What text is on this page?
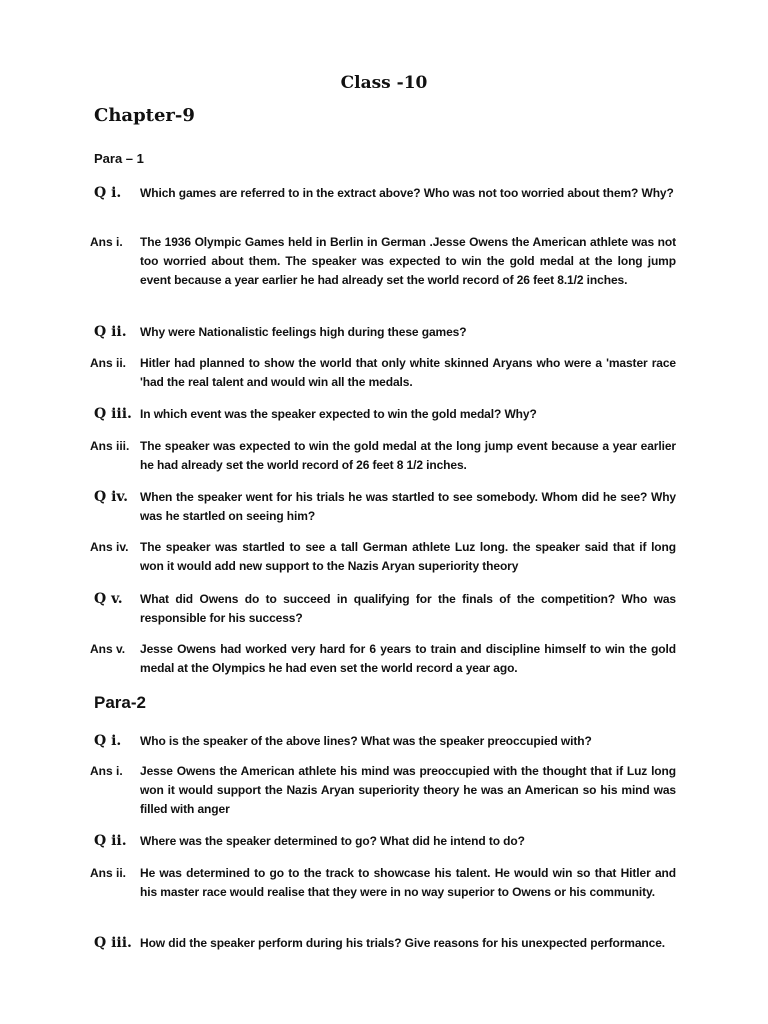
Class -10
Chapter-9
Para – 1
Q i.	Which games are referred to in the extract above? Who was not too worried about them? Why?
Ans i.	The 1936 Olympic Games held in Berlin in German .Jesse Owens the American athlete was not too worried about them. The speaker was expected to win the gold medal at the long jump event because a year earlier he had already set the world record of 26 feet 8.1/2 inches.
Q ii.	Why were Nationalistic feelings high during these games?
Ans ii.	Hitler had planned to show the world that only white skinned Aryans who were a 'master race 'had the real talent and would win all the medals.
Q iii. In which event was the speaker expected to win the gold medal? Why?
Ans iii. The speaker was expected to win the gold medal at the long jump event because a year earlier he had already set the world record of 26 feet 8 1/2 inches.
Q iv.	When the speaker went for his trials he was startled to see somebody. Whom did he see? Why was he startled on seeing him?
Ans iv. The speaker was startled to see a tall German athlete Luz long. the speaker said that if long won it would add new support to the Nazis Aryan superiority theory
Q v.	What did Owens do to succeed in qualifying for the finals of the competition? Who was responsible for his success?
Ans v.	Jesse Owens had worked very hard for 6 years to train and discipline himself to win the gold medal at the Olympics he had even set the world record a year ago.
Para-2
Q i.	Who is the speaker of the above lines? What was the speaker preoccupied with?
Ans i.	Jesse Owens the American athlete his mind was preoccupied with the thought that if Luz long won it would support the Nazis Aryan superiority theory he was an American so his mind was filled with anger
Q ii.	Where was the speaker determined to go? What did he intend to do?
Ans ii.	He was determined to go to the track to showcase his talent. He would win so that Hitler and his master race would realise that they were in no way superior to Owens or his community.
Q iii. How did the speaker perform during his trials? Give reasons for his unexpected performance.
